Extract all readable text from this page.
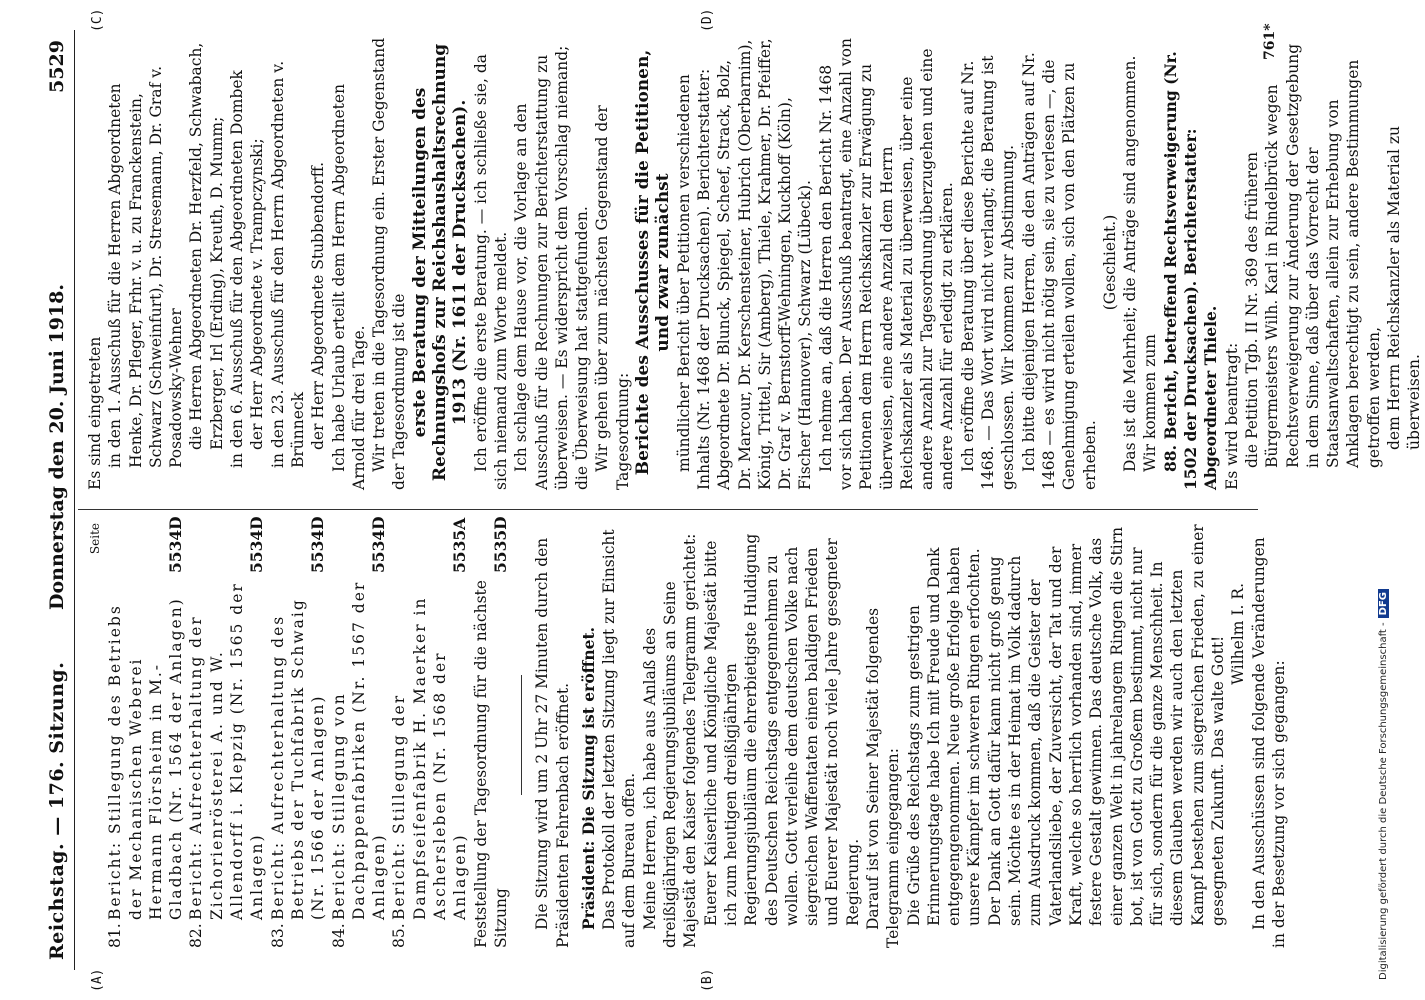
Reichstag. — 176. Sitzung.
Donnerstag den 20. Juni 1918.
5529
(A)	(B)
(C)	(D)

Seite

81.
Bericht: Stillegung des Betriebs der Mechanischen Weberei Hermann Flörsheim in M.-Gladbach (Nr. 1564 der Anlagen)
5534D
82.
Bericht: Aufrechterhaltung der Zichorienrösterei A. und W. Allendorff i. Klepzig (Nr. 1565 der Anlagen)
5534D
83.
Bericht: Aufrechterhaltung des Betriebs der Tuchfabrik Schwaig (Nr. 1566 der Anlagen)
5534D
84.
Bericht: Stillegung von Dachpappenfabriken (Nr. 1567 der Anlagen)
5534D
85.
Bericht: Stillegung der Dampfseifenfabrik H. Maerker in Aschersleben (Nr. 1568 der Anlagen)
5535A
Feststellung der Tagesordnung für die nächste Sitzung
5535D Die Sitzung wird um 2 Uhr 27 Minuten durch den Präsidenten Fehrenbach eröffnet. Präsident: Die Sitzung ist eröffnet. Das Protokoll der letzten Sitzung liegt zur Einsicht auf dem Bureau offen. Meine Herren, ich habe aus Anlaß des dreißigjährigen Regierungsjubiläums an Seine Majestät den Kaiser folgendes Telegramm gerichtet: Euerer Kaiserliche und Königliche Majestät bitte ich zum heutigen dreißigjährigen Regierungsjubiläum die ehrerbietigste Huldigung des Deutschen Reichstags entgegennehmen zu wollen. Gott verleihe dem deutschen Volke nach siegreichen Waffentaten einen baldigen Frieden und Euerer Majestät noch viele Jahre gesegneter Regierung. Darauf ist von Seiner Majestät folgendes Telegramm eingegangen: Die Grüße des Reichstags zum gestrigen Erinnerungstage habe Ich mit Freude und Dank entgegengenommen. Neue große Erfolge haben unsere Kämpfer im schweren Ringen erfochten. Der Dank an Gott dafür kann nicht groß genug sein. Möchte es in der Heimat im Volk dadurch zum Ausdruck kommen, daß die Geister der Vaterlandsliebe, der Zuversicht, der Tat und der Kraft, welche so herrlich vorhanden sind, immer festere Gestalt gewinnen. Das deutsche Volk, das einer ganzen Welt in jahrelangem Ringen die Stirn bot, ist von Gott zu Großem bestimmt, nicht nur für sich, sondern für die ganze Menschheit. In diesem Glauben werden wir auch den letzten Kampf bestehen zum siegreichen Frieden, zu einer gesegneten Zukunft. Das walte Gott!

Wilhelm I. R. In den Ausschüssen sind folgende Veränderungen in der Besetzung vor sich gegangen:

Es sind eingetreten in den 1. Ausschuß für die Herren Abgeordneten Henke, Dr. Pfleger, Frhr. v. u. zu Franckenstein, Schwarz (Schweinfurt), Dr. Stresemann, Dr. Graf v. Posadowsky-Wehner die Herren Abgeordneten Dr. Herzfeld, Schwabach, Erzberger, Irl (Erding), Kreuth, D. Mumm; in den 6. Ausschuß für den Abgeordneten Dombek der Herr Abgeordnete v. Trampczynski; in den 23. Ausschuß für den Herrn Abgeordneten v. Brünneck der Herr Abgeordnete Stubbendorff. Ich habe Urlaub erteilt dem Herrn Abgeordneten Arnold für drei Tage. Wir treten in die Tagesordnung ein. Erster Gegenstand der Tagesordnung ist die erste Beratung der Mitteilungen des Rechnungshofs zur Reichshaushaltsrechnung 1913 (Nr. 1611 der Drucksachen). Ich eröffne die erste Beratung. — ich schließe sie, da sich niemand zum Worte meldet. Ich schlage dem Hause vor, die Vorlage an den Ausschuß für die Rechnungen zur Berichterstattung zu überweisen. — Es widerspricht dem Vorschlag niemand; die Überweisung hat stattgefunden. Wir gehen über zum nächsten Gegenstand der Tagesordnung: Berichte des Ausschusses für die Petitionen, und zwar zunächst mündlicher Bericht über Petitionen verschiedenen Inhalts (Nr. 1468 der Drucksachen). Berichterstatter: Abgeordnete Dr. Blunck, Spiegel, Scheef, Strack, Bolz, Dr. Marcour, Dr. Kerschensteiner, Hubrich (Oberbarnim), König, Trittel, Sir (Amberg), Thiele, Krahmer, Dr. Pfeiffer, Dr. Graf v. Bernstorff-Wehningen, Kuckhoff (Köln), Fischer (Hannover), Schwarz (Lübeck). Ich nehme an, daß die Herren den Bericht Nr. 1468 vor sich haben. Der Ausschuß beantragt, eine Anzahl von Petitionen dem Herrn Reichskanzler zur Erwägung zu überweisen, eine andere Anzahl dem Herrn Reichskanzler als Material zu überweisen, über eine andere Anzahl zur Tagesordnung überzugehen und eine andere Anzahl für erledigt zu erklären. Ich eröffne die Beratung über diese Berichte auf Nr. 1468. — Das Wort wird nicht verlangt; die Beratung ist geschlossen. Wir kommen zur Abstimmung. Ich bitte diejenigen Herren, die den Anträgen auf Nr. 1468 — es wird nicht nötig sein, sie zu verlesen —, die Genehmigung erteilen wollen, sich von den Plätzen zu erheben.

(Geschieht.) Das ist die Mehrheit; die Anträge sind angenommen. Wir kommen zum 88. Bericht, betreffend Rechtsverweigerung (Nr. 1502 der Drucksachen). Berichterstatter: Abgeordneter Thiele. Es wird beantragt: die Petition Tgb. II Nr. 369 des früheren Bürgermeisters Wilh. Karl in Rindelbrück wegen Rechtsverweigerung zur Änderung der Gesetzgebung in dem Sinne, daß über das Vorrecht der Staatsanwaltschaften, allein zur Erhebung von Anklagen berechtigt zu sein, andere Bestimmungen getroffen werden, dem Herrn Reichskanzler als Material zu überweisen.

761*
Digitalisierung gefördert durch die Deutsche Forschungsgemeinschaft -DFG
